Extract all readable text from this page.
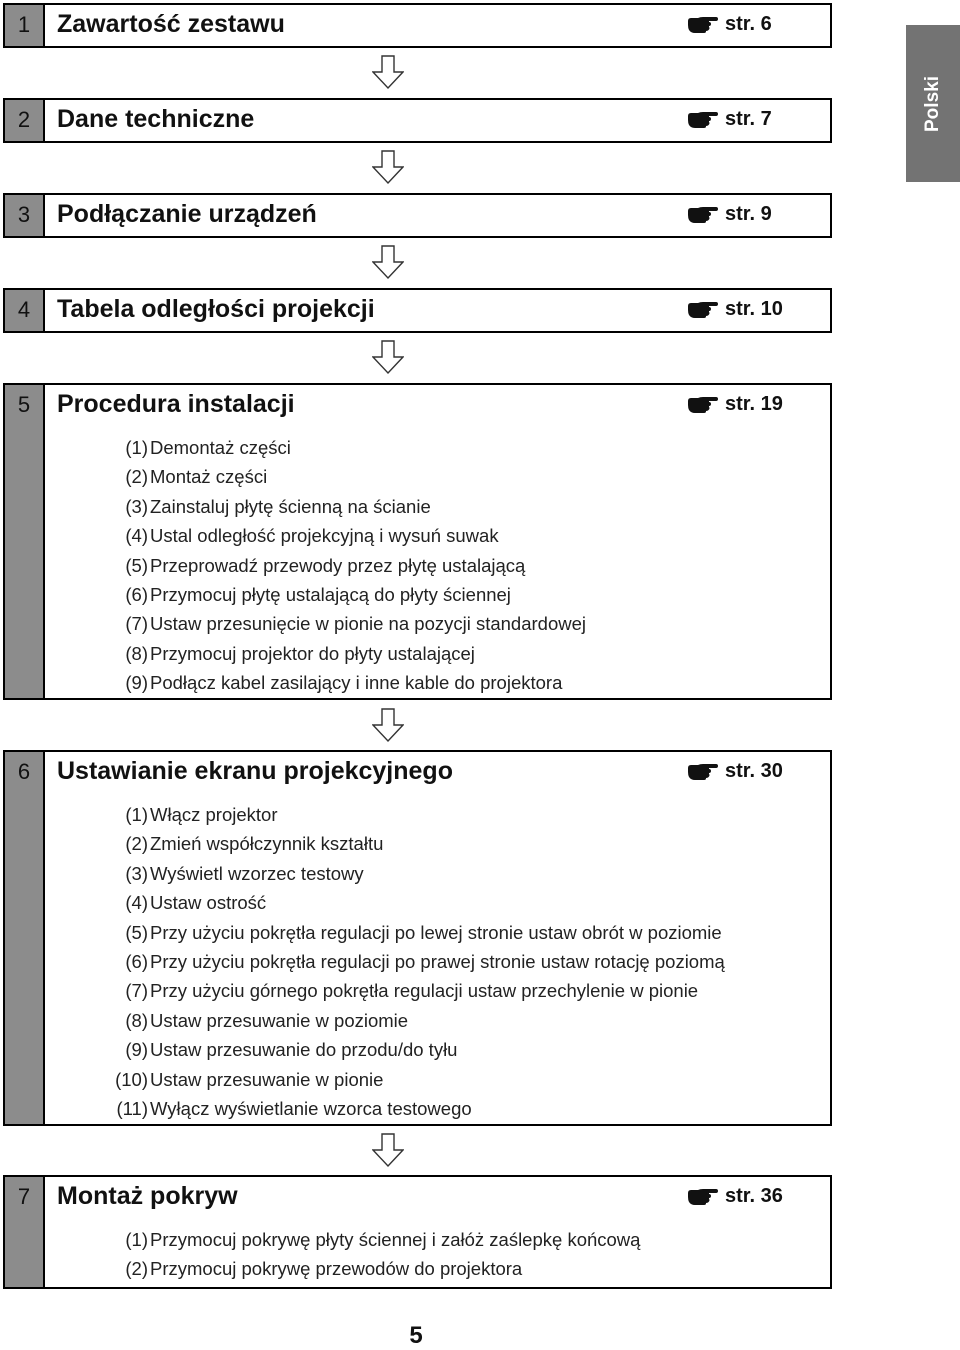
Polski
1	Zawartość zestawu	str. 6
2	Dane techniczne	str. 7
3	Podłączanie urządzeń	str. 9
4	Tabela odległości projekcji	str. 10
5	Procedura instalacji	str. 19
(1) Demontaż części
(2) Montaż części
(3) Zainstaluj płytę ścienną na ścianie
(4) Ustal odległość projekcyjną i wysuń suwak
(5) Przeprowadź przewody przez płytę ustalającą
(6) Przymocuj płytę ustalającą do płyty ściennej
(7) Ustaw przesunięcie w pionie na pozycji standardowej
(8) Przymocuj projektor do płyty ustalającej
(9) Podłącz kabel zasilający i inne kable do projektora
6	Ustawianie ekranu projekcyjnego	str. 30
(1) Włącz projektor
(2) Zmień współczynnik kształtu
(3) Wyświetl wzorzec testowy
(4) Ustaw ostrość
(5) Przy użyciu pokrętła regulacji po lewej stronie ustaw obrót w poziomie
(6) Przy użyciu pokrętła regulacji po prawej stronie ustaw rotację poziomą
(7) Przy użyciu górnego pokrętła regulacji ustaw przechylenie w pionie
(8) Ustaw przesuwanie w poziomie
(9) Ustaw przesuwanie do przodu/do tyłu
(10) Ustaw przesuwanie w pionie
(11) Wyłącz wyświetlanie wzorca testowego
7	Montaż pokryw	str. 36
(1) Przymocuj pokrywę płyty ściennej i załóż zaślepkę końcową
(2) Przymocuj pokrywę przewodów do projektora
5
